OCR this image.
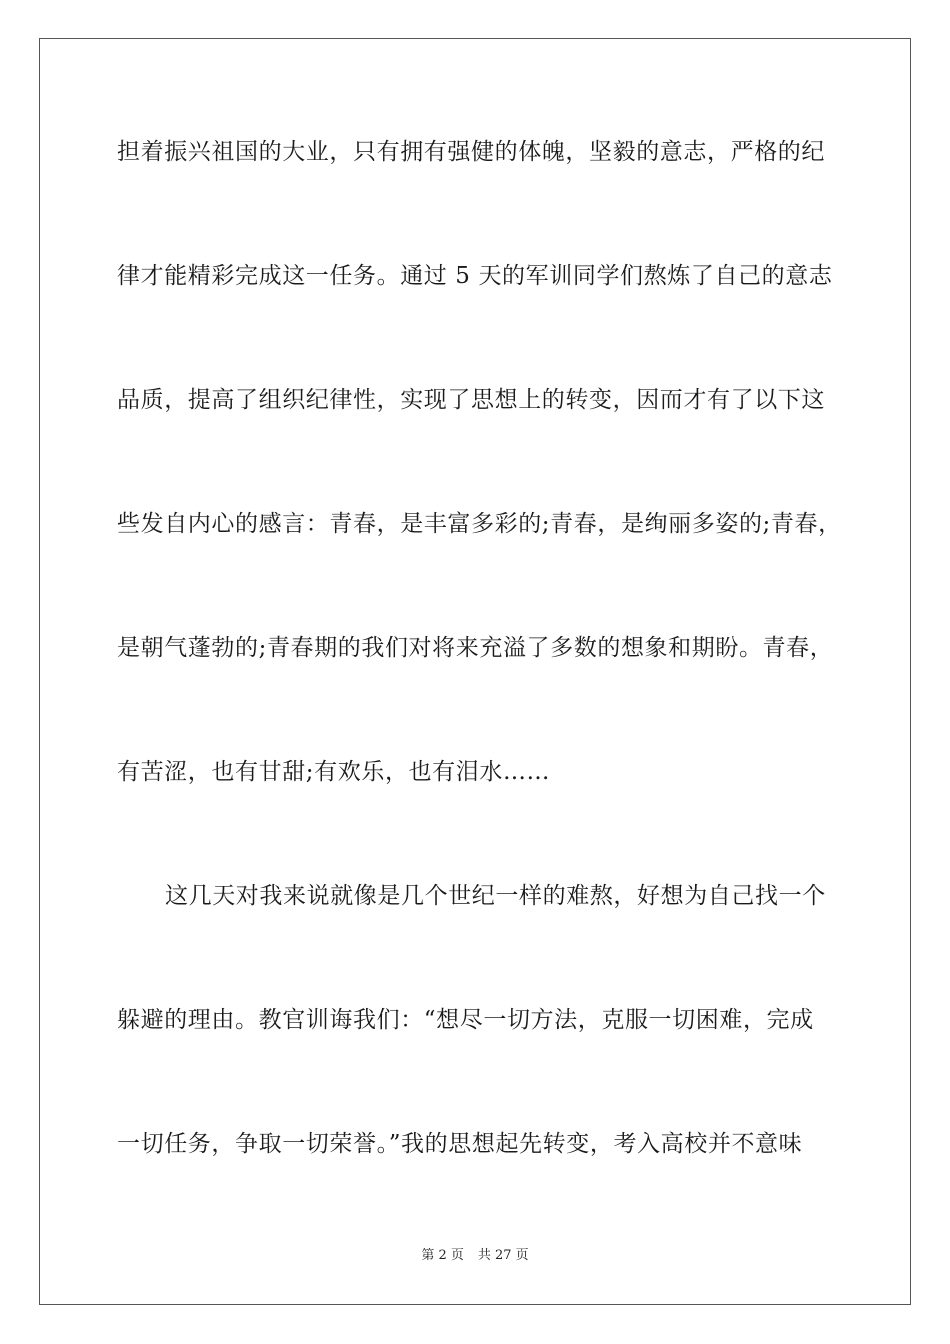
担着振兴祖国的大业，只有拥有强健的体魄，坚毅的意志，严格的纪
律才能精彩完成这一任务。通过 5 天的军训同学们熬炼了自己的意志
品质，提高了组织纪律性，实现了思想上的转变，因而才有了以下这
些发自内心的感言：青春，是丰富多彩的;青春，是绚丽多姿的;青春，
是朝气蓬勃的;青春期的我们对将来充溢了多数的想象和期盼。青春，
有苦涩，也有甘甜;有欢乐，也有泪水……
这几天对我来说就像是几个世纪一样的难熬，好想为自己找一个
躲避的理由。教官训诲我们：“想尽一切方法，克服一切困难，完成
一切任务，争取一切荣誉。”我的思想起先转变，考入高校并不意味
第 2 页 共 27 页
